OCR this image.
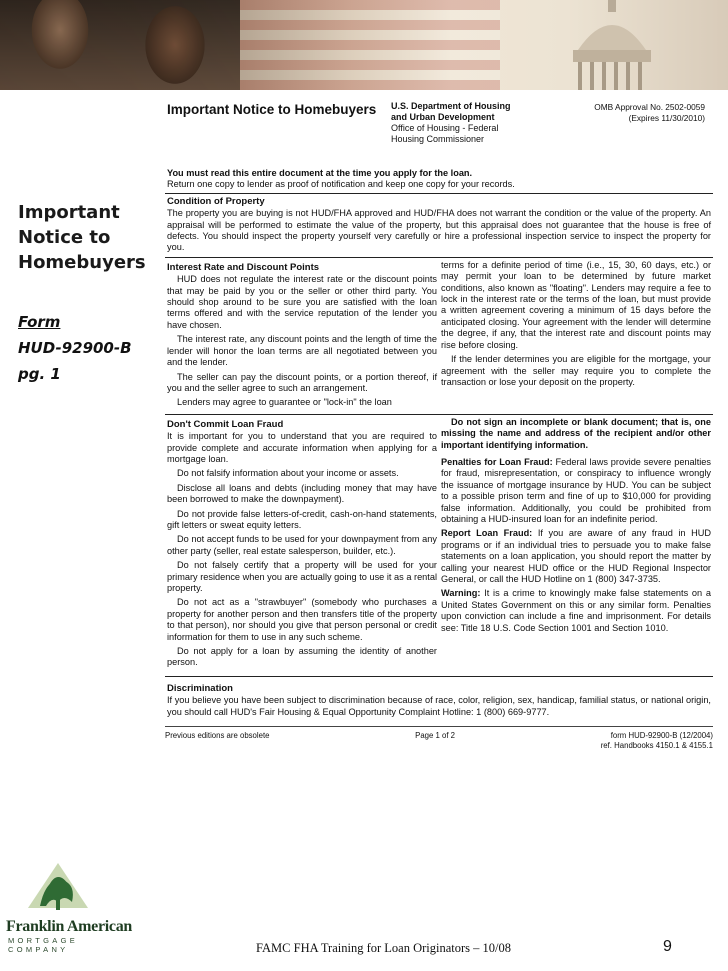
Important
Notice to
Homebuyers
Form
HUD-92900-B
pg. 1
Important Notice to Homebuyers U.S. Department of Housing
and Urban Development
Office of Housing - Federal
Housing Commissioner
OMB Approval No. 2502-0059
(Expires 11/30/2010)
You must read this entire document at the time you apply for the loan.
Return one copy to lender as proof of notification and keep one copy for your records.
Condition of Property
The property you are buying is not HUD/FHA approved and HUD/FHA does not warrant the condition or the value of the property. An appraisal will be performed to estimate the value of the property, but this appraisal does not guarantee that the house is free of defects. You should inspect the property yourself very carefully or hire a professional inspection service to inspect the property for you.
Interest Rate and Discount Points

HUD does not regulate the interest rate or the discount points that may be paid by you or the seller or other third party. You should shop around to be sure you are satisfied with the loan terms offered and with the service reputation of the lender you have chosen.

The interest rate, any discount points and the length of time the lender will honor the loan terms are all negotiated between you and the lender.

The seller can pay the discount points, or a portion thereof, if you and the seller agree to such an arrangement.

Lenders may agree to guarantee or "lock-in" the loan

terms for a definite period of time (i.e., 15, 30, 60 days, etc.) or may permit your loan to be determined by future market conditions, also known as "floating". Lenders may require a fee to lock in the interest rate or the terms of the loan, but must provide a written agreement covering a minimum of 15 days before the anticipated closing. Your agreement with the lender will determine the degree, if any, that the interest rate and discount points may rise before closing.

If the lender determines you are eligible for the mortgage, your agreement with the seller may require you to complete the transaction or lose your deposit on the property.

Don't Commit Loan Fraud

It is important for you to understand that you are required to provide complete and accurate information when applying for a mortgage loan.

Do not falsify information about your income or assets.

Disclose all loans and debts (including money that may have been borrowed to make the downpayment).

Do not provide false letters-of-credit, cash-on-hand statements, gift letters or sweat equity letters.

Do not accept funds to be used for your downpayment from any other party (seller, real estate salesperson, builder, etc.).

Do not falsely certify that a property will be used for your primary residence when you are actually going to use it as a rental property.

Do not act as a "strawbuyer" (somebody who purchases a property for another person and then transfers title of the property to that person), nor should you give that person personal or credit information for them to use in any such scheme.

Do not apply for a loan by assuming the identity of another person.

Do not sign an incomplete or blank document; that is, one missing the name and address of the recipient and/or other important identifying information.

Penalties for Loan Fraud: Federal laws provide severe penalties for fraud, misrepresentation, or conspiracy to influence wrongly the issuance of mortgage insurance by HUD. You can be subject to a possible prison term and fine of up to $10,000 for providing false information. Additionally, you could be prohibited from obtaining a HUD-insured loan for an indefinite period.

Report Loan Fraud: If you are aware of any fraud in HUD programs or if an individual tries to persuade you to make false statements on a loan application, you should report the matter by calling your nearest HUD office or the HUD Regional Inspector General, or call the HUD Hotline on 1 (800) 347-3735.

Warning: It is a crime to knowingly make false statements on a United States Government on this or any similar form. Penalties upon conviction can include a fine and imprisonment. For details see: Title 18 U.S. Code Section 1001 and Section 1010.

Discrimination
If you believe you have been subject to discrimination because of race, color, religion, sex, handicap, familial status, or national origin, you should call HUD's Fair Housing & Equal Opportunity Complaint Hotline: 1 (800) 669-9777.
Previous editions are obsolete	Page 1 of 2	form HUD-92900-B (12/2004)
ref. Handbooks 4150.1 & 4155.1
Franklin American
MORTGAGE COMPANY	FAMC FHA Training for Loan Originators – 10/08	9
